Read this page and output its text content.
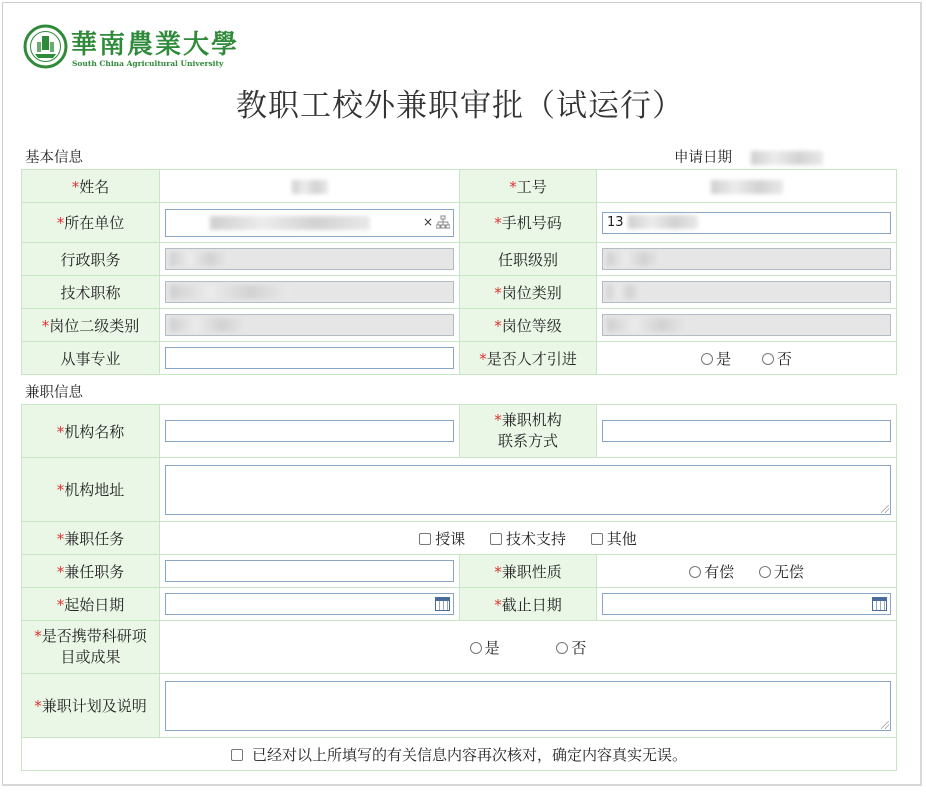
華南農業大學
South China Agricultural University
教职工校外兼职审批（试运行）
基本信息	申请日期
*姓名		*工号	
*所在单位	×	*手机号码	13

行政职务		任职级别	

技术职称		*岗位类别	

*岗位二级类别		*岗位等级	

从事专业		*是否人才引进	是 否
兼职信息
*机构名称		*兼职机构
联系方式	

*机构地址			

*兼职任务	授课 技术支持 其他		
*兼任职务		*兼职性质	有偿 无偿
*起始日期		*截止日期	

*是否携带科研项
目或成果	是 否		
*兼职计划及说明			

已经对以上所填写的有关信息内容再次核对，确定内容真实无误。			
